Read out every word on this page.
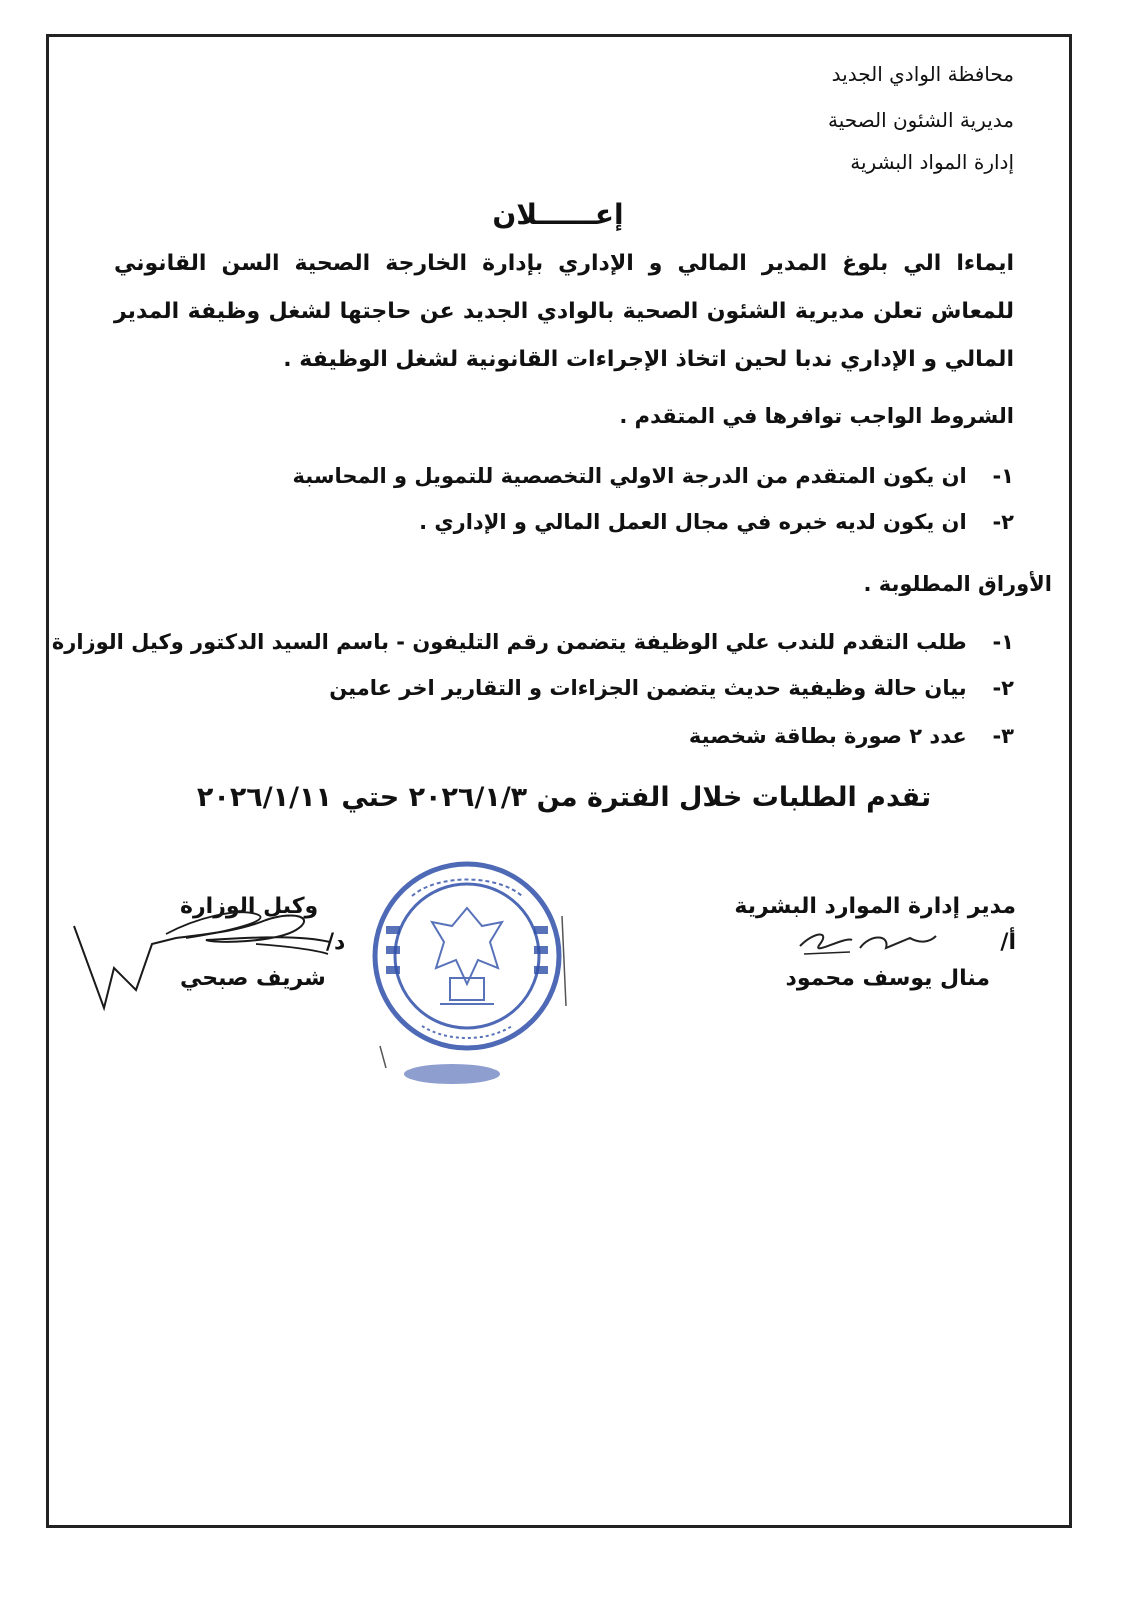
محافظة الوادي الجديد
مديرية الشئون الصحية
إدارة المواد البشرية
إعــــــلان
ايماءا الي بلوغ المدير المالي و الإداري بإدارة الخارجة الصحية السن القانوني للمعاش تعلن مديرية الشئون الصحية بالوادي الجديد عن حاجتها لشغل وظيفة المدير المالي و الإداري ندبا لحين اتخاذ الإجراءات القانونية لشغل الوظيفة .
الشروط الواجب توافرها في المتقدم .
١- ان يكون المتقدم من الدرجة الاولي التخصصية للتمويل و المحاسبة
٢- ان يكون لديه خبره في مجال العمل المالي و الإداري .
الأوراق المطلوبة .
١- طلب التقدم للندب علي الوظيفة يتضمن رقم التليفون - باسم السيد الدكتور وكيل الوزارة
٢- بيان حالة وظيفية حديث يتضمن الجزاءات و التقارير اخر عامين
٣- عدد ٢ صورة بطاقة شخصية
تقدم الطلبات خلال الفترة من ٢٠٢٦/١/٣ حتي ٢٠٢٦/١/١١
مدير إدارة الموارد البشرية
أ/
منال يوسف محمود
وكيل الوزارة
د/
شريف صبحي
